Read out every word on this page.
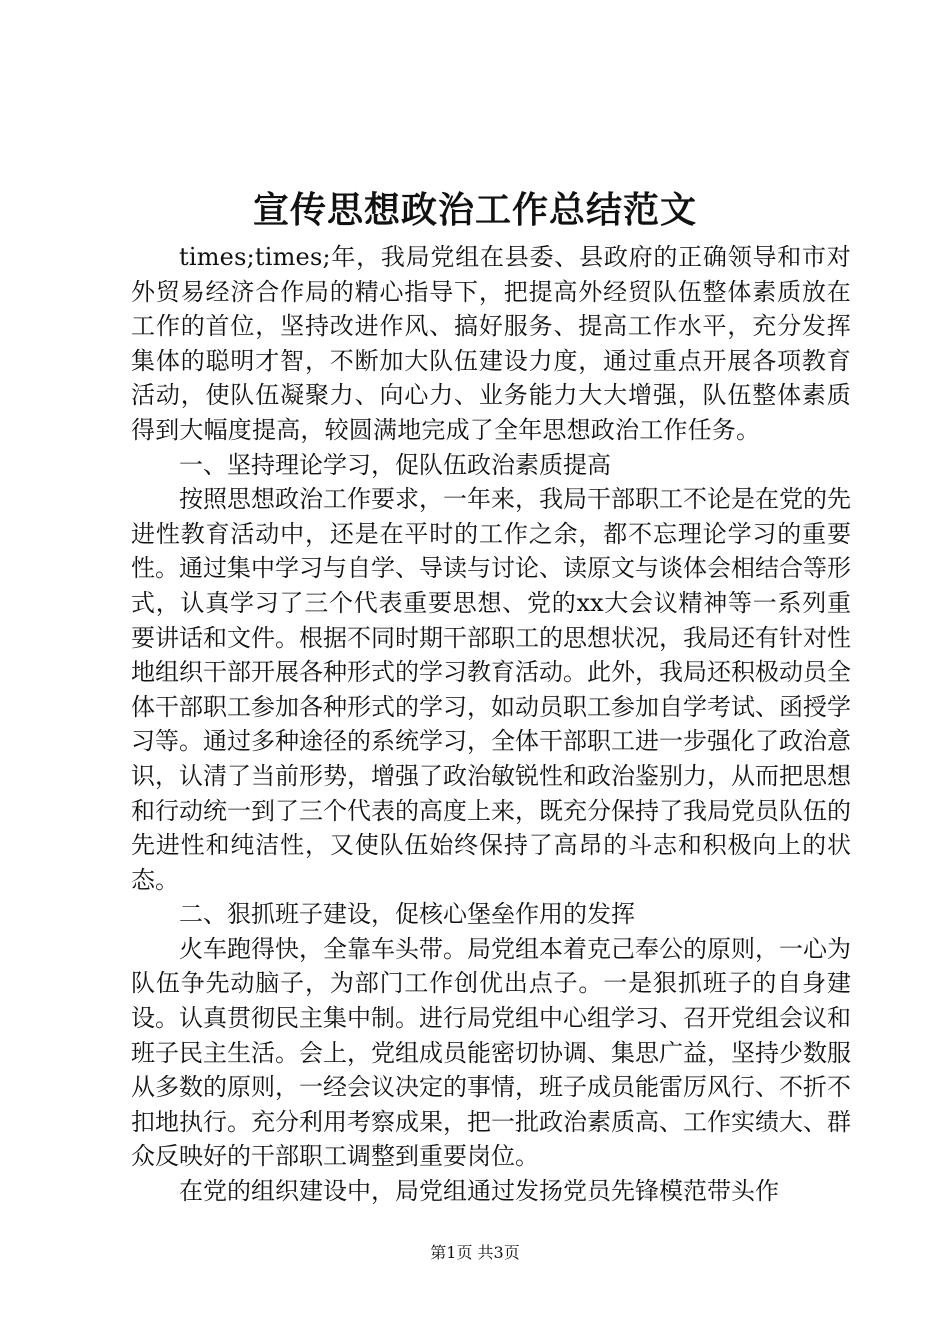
宣传思想政治工作总结范文

times;times;年，我局党组在县委、县政府的正确领导和市对外贸易经济合作局的精心指导下，把提高外经贸队伍整体素质放在工作的首位，坚持改进作风、搞好服务、提高工作水平，充分发挥集体的聪明才智，不断加大队伍建设力度，通过重点开展各项教育活动，使队伍凝聚力、向心力、业务能力大大增强，队伍整体素质得到大幅度提高，较圆满地完成了全年思想政治工作任务。

一、坚持理论学习，促队伍政治素质提高

按照思想政治工作要求，一年来，我局干部职工不论是在党的先进性教育活动中，还是在平时的工作之余，都不忘理论学习的重要性。通过集中学习与自学、导读与讨论、读原文与谈体会相结合等形式，认真学习了三个代表重要思想、党的xx大会议精神等一系列重要讲话和文件。根据不同时期干部职工的思想状况，我局还有针对性地组织干部开展各种形式的学习教育活动。此外，我局还积极动员全体干部职工参加各种形式的学习，如动员职工参加自学考试、函授学习等。通过多种途径的系统学习，全体干部职工进一步强化了政治意识，认清了当前形势，增强了政治敏锐性和政治鉴别力，从而把思想和行动统一到了三个代表的高度上来，既充分保持了我局党员队伍的先进性和纯洁性，又使队伍始终保持了高昂的斗志和积极向上的状态。

二、狠抓班子建设，促核心堡垒作用的发挥

火车跑得快，全靠车头带。局党组本着克己奉公的原则，一心为队伍争先动脑子，为部门工作创优出点子。一是狠抓班子的自身建设。认真贯彻民主集中制。进行局党组中心组学习、召开党组会议和班子民主生活。会上，党组成员能密切协调、集思广益，坚持少数服从多数的原则，一经会议决定的事情，班子成员能雷厉风行、不折不扣地执行。充分利用考察成果，把一批政治素质高、工作实绩大、群众反映好的干部职工调整到重要岗位。

在党的组织建设中，局党组通过发扬党员先锋模范带头作

第1页 共3页
